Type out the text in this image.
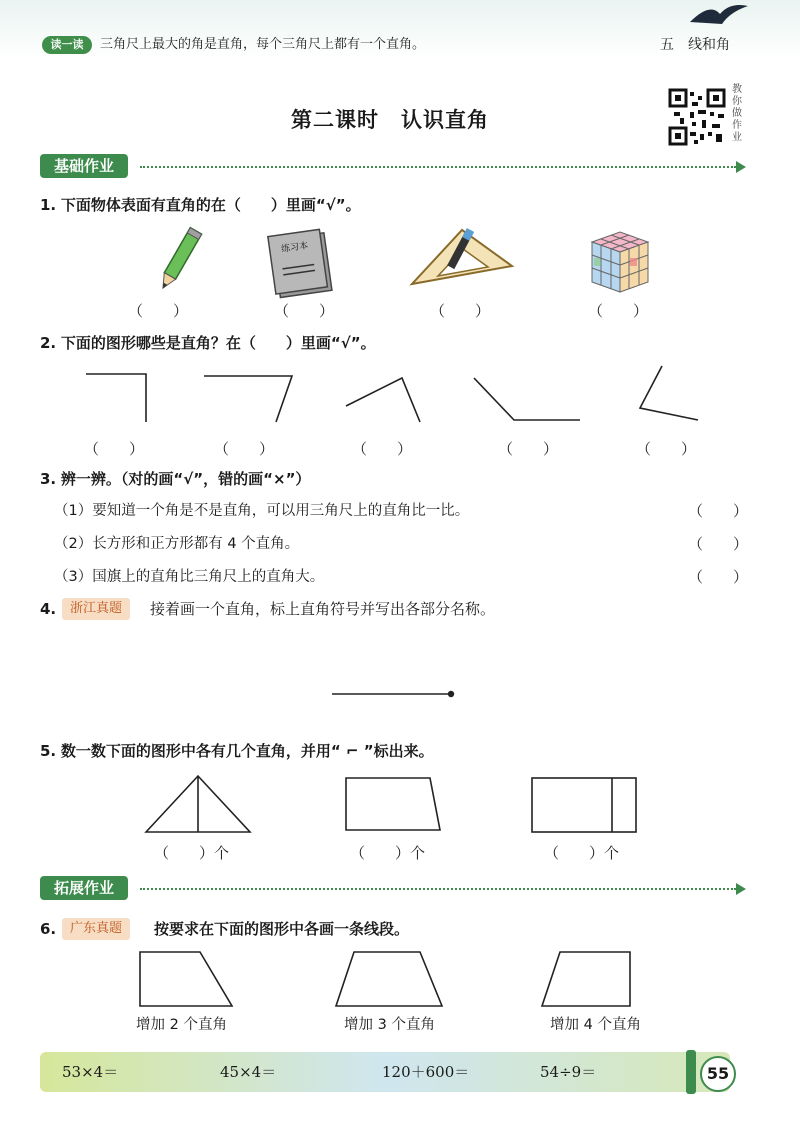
读一读	三角尺上最大的角是直角，每个三角尺上都有一个直角。	五　线和角
第二课时　认识直角
教你做作业
基础作业
1. 下面物体表面有直角的在（　　）里画“√”。
练习本
（　　）	（　　）	（　　）	（　　）
2. 下面的图形哪些是直角？在（　　）里画“√”。
（　　）	（　　）	（　　）	（　　）	（　　）
3. 辨一辨。（对的画“√”，错的画“×”）
（1）要知道一个角是不是直角，可以用三角尺上的直角比一比。	（　　）
（2）长方形和正方形都有 4 个直角。	（　　）
（3）国旗上的直角比三角尺上的直角大。	（　　）
4.	浙江真题	接着画一个直角，标上直角符号并写出各部分名称。
5. 数一数下面的图形中各有几个直角，并用“ ⌐ ”标出来。
（　　）个	（　　）个	（　　）个
拓展作业
6.	广东真题	按要求在下面的图形中各画一条线段。
增加 2 个直角	增加 3 个直角	增加 4 个直角
53×4＝	45×4＝	120＋600＝	54÷9＝	55
